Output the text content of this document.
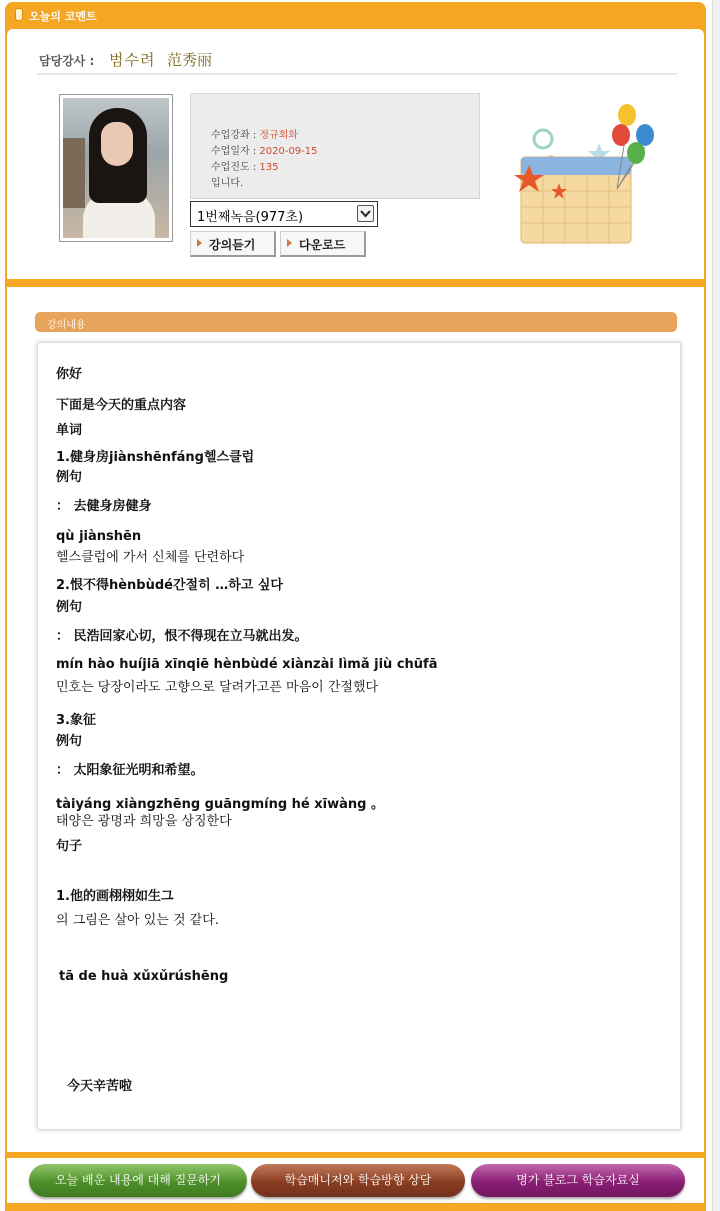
오늘의 코멘트
담당강사 : 범수려 范秀丽
수업강좌 : 정규회화
수업일자 : 2020-09-15
수업진도 : 135
입니다.
1번째녹음(977초)
강의듣기	다운로드
강의내용
你好
下面是今天的重点内容
单词
1.健身房jiànshēnfáng헬스클럽
例句
： 去健身房健身
qù jiànshēn
헬스클럽에 가서 신체를 단련하다
2.恨不得hènbùdé간절히 …하고 싶다
例句
： 民浩回家心切，恨不得现在立马就出发。
mín hào huíjiā xīnqiē hènbùdé xiànzài lìmǎ jiù chūfā
민호는 당장이라도 고향으로 달려가고픈 마음이 간절했다
3.象征
例句
： 太阳象征光明和希望。
tàiyáng xiàngzhēng guāngmíng hé xīwàng 。
태양은 광명과 희망을 상징한다
句子
1.他的画栩栩如生그
의 그림은 살아 있는 것 같다.
tā de huà xǔxǔrúshēng
今天辛苦啦
오늘 배운 내용에 대해 질문하기	학습매니저와 학습방향 상담	명가 블로그 학습자료실
